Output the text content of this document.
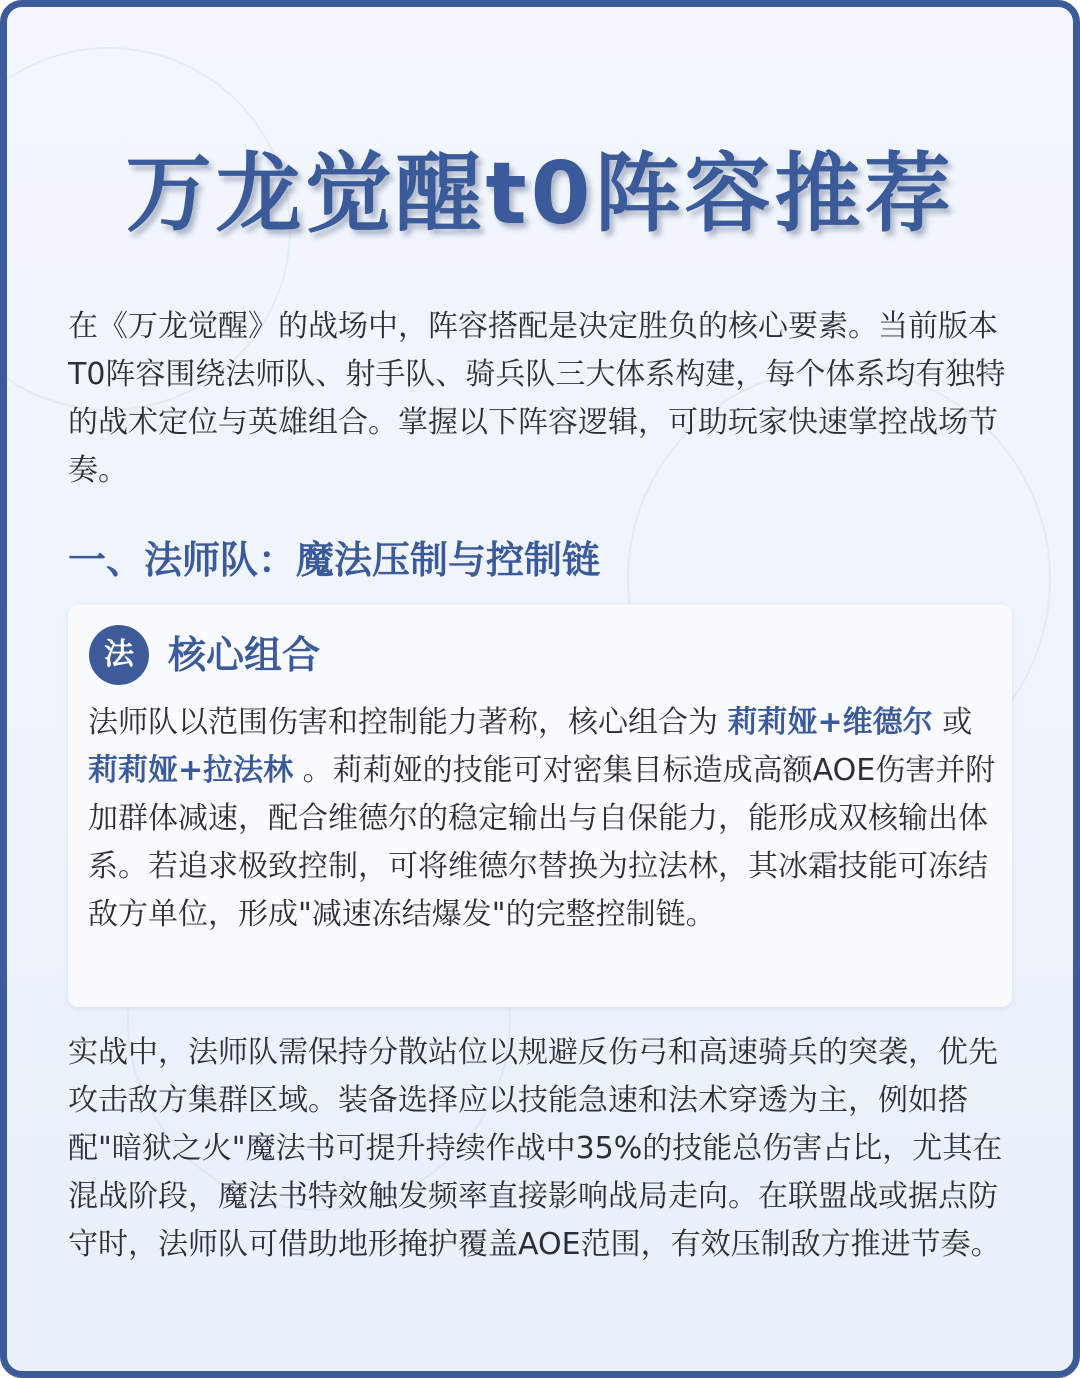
万龙觉醒t0阵容推荐

在《万龙觉醒》的战场中，阵容搭配是决定胜负的核心要素。当前版本T0阵容围绕法师队、射手队、骑兵队三大体系构建，每个体系均有独特的战术定位与英雄组合。掌握以下阵容逻辑，可助玩家快速掌控战场节奏。

一、法师队：魔法压制与控制链
法 核心组合

法师队以范围伤害和控制能力著称，核心组合为 莉莉娅+维德尔 或 莉莉娅+拉法林 。莉莉娅的技能可对密集目标造成高额AOE伤害并附加群体减速，配合维德尔的稳定输出与自保能力，能形成双核输出体系。若追求极致控制，可将维德尔替换为拉法林，其冰霜技能可冻结敌方单位，形成"减速冻结爆发"的完整控制链。

实战中，法师队需保持分散站位以规避反伤弓和高速骑兵的突袭，优先攻击敌方集群区域。装备选择应以技能急速和法术穿透为主，例如搭配"暗狱之火"魔法书可提升持续作战中35%的技能总伤害占比，尤其在混战阶段，魔法书特效触发频率直接影响战局走向。在联盟战或据点防守时，法师队可借助地形掩护覆盖AOE范围，有效压制敌方推进节奏。
